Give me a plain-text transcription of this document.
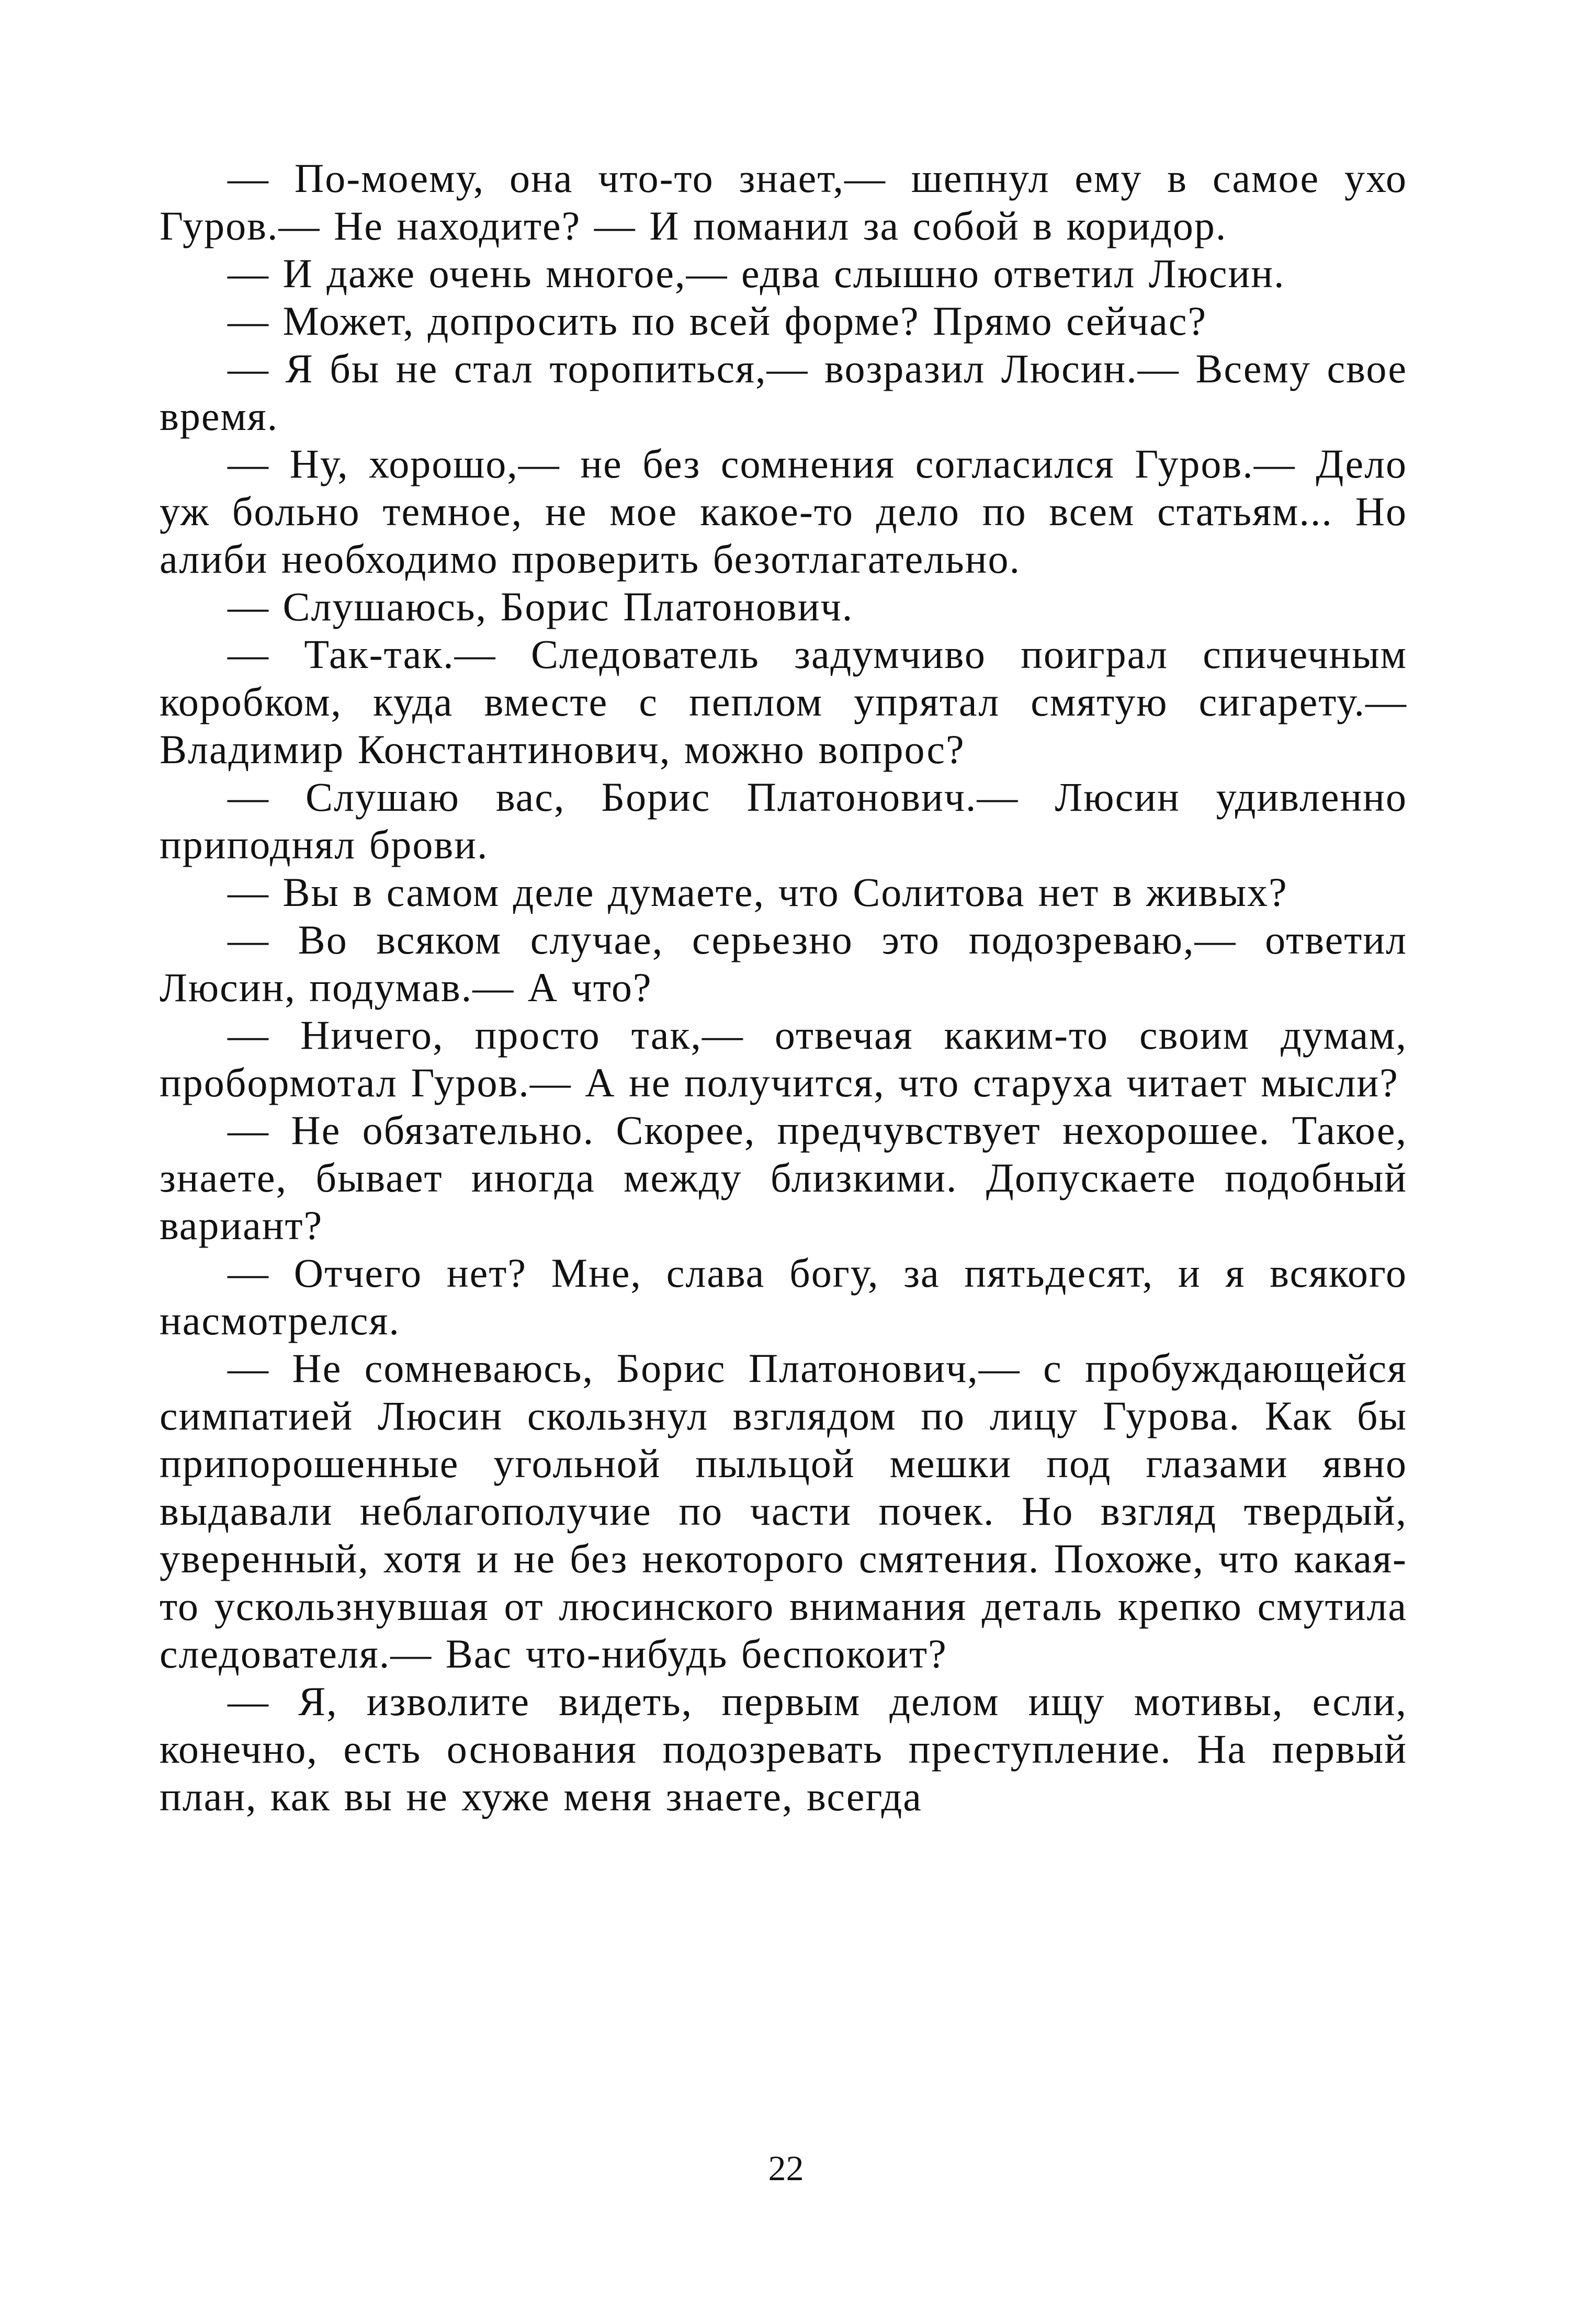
— По-моему, она что-то знает,— шепнул ему в самое ухо Гуров.— Не находите? — И поманил за собой в коридор.

— И даже очень многое,— едва слышно ответил Люсин.

— Может, допросить по всей форме? Прямо сейчас?

— Я бы не стал торопиться,— возразил Люсин.— Всему свое время.

— Ну, хорошо,— не без сомнения согласился Гуров.— Дело уж больно темное, не мое какое-то дело по всем статьям... Но алиби необходимо проверить безотлагательно.

— Слушаюсь, Борис Платонович.

— Так-так.— Следователь задумчиво поиграл спичечным коробком, куда вместе с пеплом упрятал смятую сигарету.— Владимир Константинович, можно вопрос?

— Слушаю вас, Борис Платонович.— Люсин удивленно приподнял брови.

— Вы в самом деле думаете, что Солитова нет в живых?

— Во всяком случае, серьезно это подозреваю,— ответил Люсин, подумав.— А что?

— Ничего, просто так,— отвечая каким-то своим думам, пробормотал Гуров.— А не получится, что старуха читает мысли?

— Не обязательно. Скорее, предчувствует нехорошее. Такое, знаете, бывает иногда между близкими. Допускаете подобный вариант?

— Отчего нет? Мне, слава богу, за пятьдесят, и я всякого насмотрелся.

— Не сомневаюсь, Борис Платонович,— с пробуждающейся симпатией Люсин скользнул взглядом по лицу Гурова. Как бы припорошенные угольной пыльцой мешки под глазами явно выдавали неблагополучие по части почек. Но взгляд твердый, уверенный, хотя и не без некоторого смятения. Похоже, что какая-то ускользнувшая от люсинского внимания деталь крепко смутила следователя.— Вас что-нибудь беспокоит?

— Я, изволите видеть, первым делом ищу мотивы, если, конечно, есть основания подозревать преступление. На первый план, как вы не хуже меня знаете, всегда

22
